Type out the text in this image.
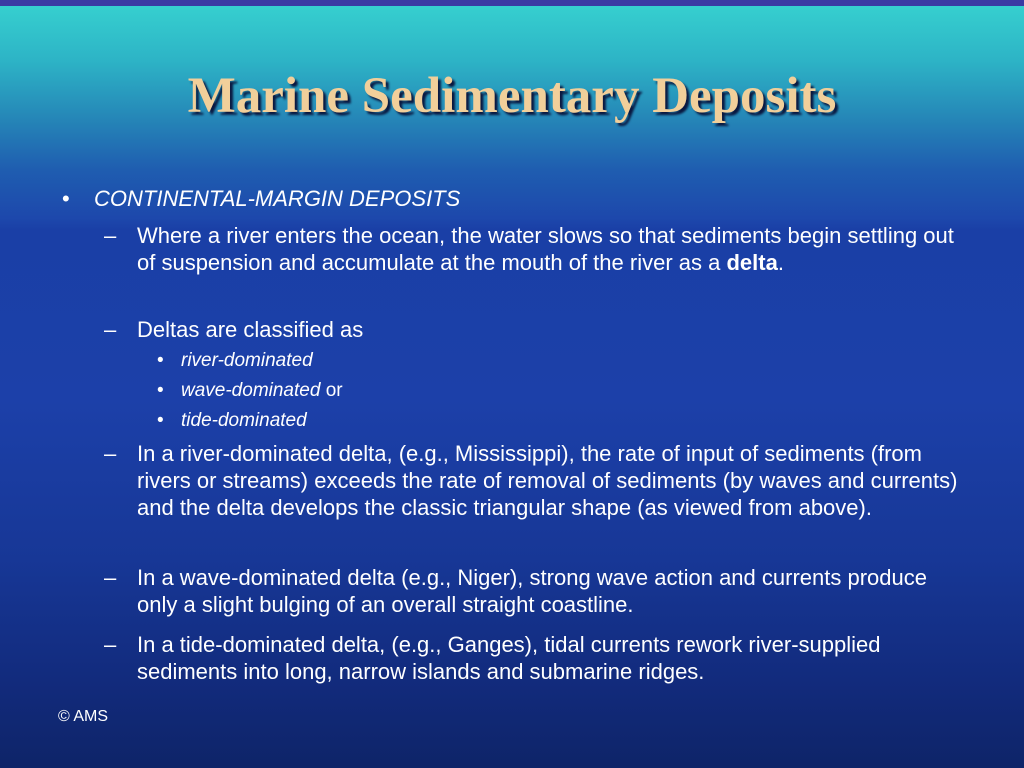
Marine Sedimentary Deposits
• CONTINENTAL-MARGIN DEPOSITS
– Where a river enters the ocean, the water slows so that sediments begin settling out of suspension and accumulate at the mouth of the river as a delta.
– Deltas are classified as
• river-dominated
• wave-dominated or
• tide-dominated
– In a river-dominated delta, (e.g., Mississippi), the rate of input of sediments (from rivers or streams) exceeds the rate of removal of sediments (by waves and currents) and the delta develops the classic triangular shape (as viewed from above).
– In a wave-dominated delta (e.g., Niger), strong wave action and currents produce only a slight bulging of an overall straight coastline.
– In a tide-dominated delta, (e.g., Ganges), tidal currents rework river-supplied sediments into long, narrow islands and submarine ridges.
© AMS
